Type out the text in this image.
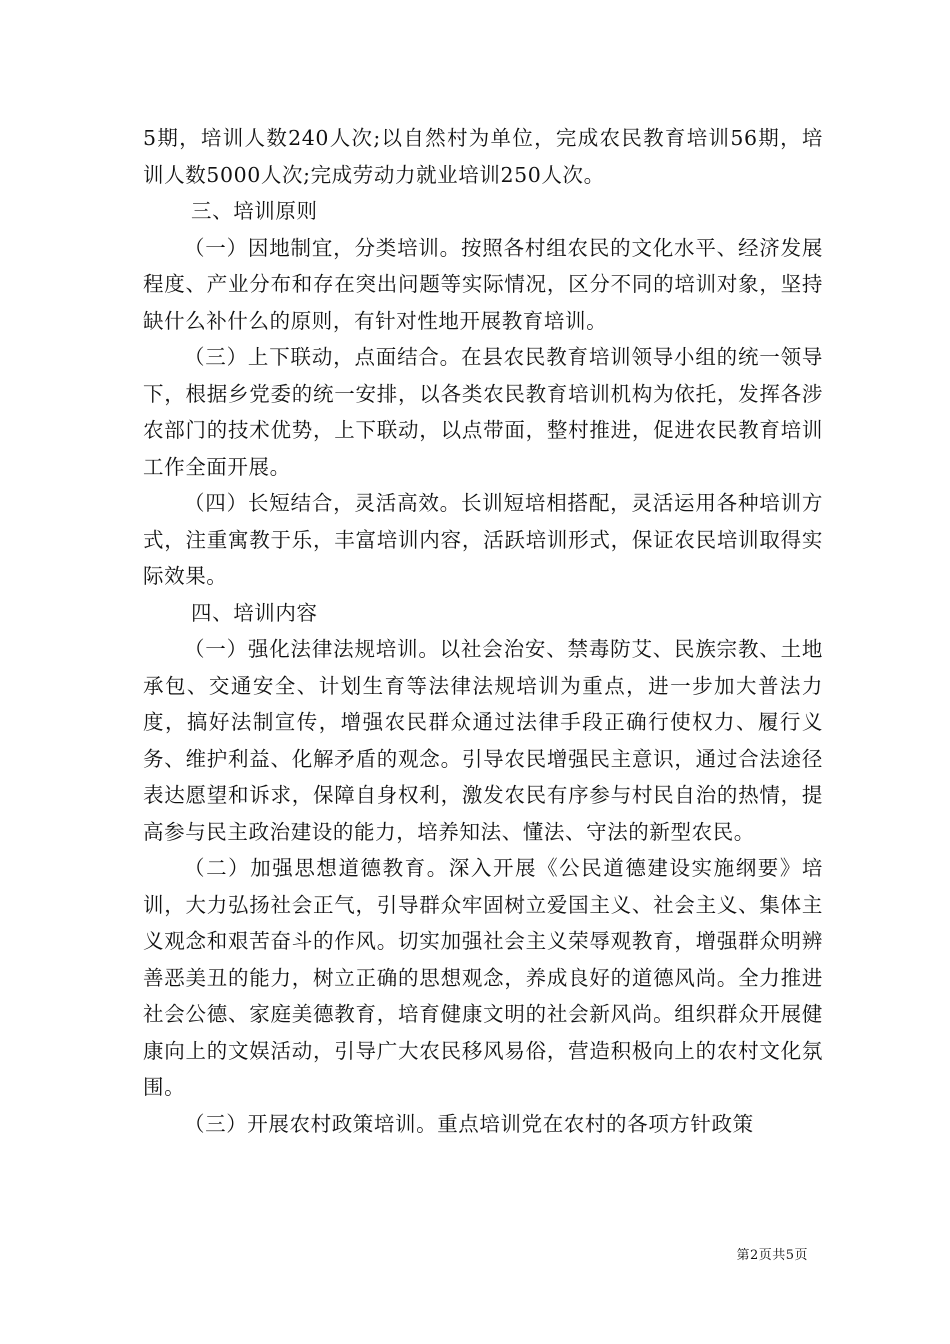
5期，培训人数240人次;以自然村为单位，完成农民教育培训56期，培训人数5000人次;完成劳动力就业培训250人次。

三、培训原则

（一）因地制宜，分类培训。按照各村组农民的文化水平、经济发展程度、产业分布和存在突出问题等实际情况，区分不同的培训对象，坚持缺什么补什么的原则，有针对性地开展教育培训。

（三）上下联动，点面结合。在县农民教育培训领导小组的统一领导下，根据乡党委的统一安排，以各类农民教育培训机构为依托，发挥各涉农部门的技术优势，上下联动，以点带面，整村推进，促进农民教育培训工作全面开展。

（四）长短结合，灵活高效。长训短培相搭配，灵活运用各种培训方式，注重寓教于乐，丰富培训内容，活跃培训形式，保证农民培训取得实际效果。

四、培训内容

（一）强化法律法规培训。以社会治安、禁毒防艾、民族宗教、土地承包、交通安全、计划生育等法律法规培训为重点，进一步加大普法力度，搞好法制宣传，增强农民群众通过法律手段正确行使权力、履行义务、维护利益、化解矛盾的观念。引导农民增强民主意识，通过合法途径表达愿望和诉求，保障自身权利，激发农民有序参与村民自治的热情，提高参与民主政治建设的能力，培养知法、懂法、守法的新型农民。

（二）加强思想道德教育。深入开展《公民道德建设实施纲要》培训，大力弘扬社会正气，引导群众牢固树立爱国主义、社会主义、集体主义观念和艰苦奋斗的作风。切实加强社会主义荣辱观教育，增强群众明辨善恶美丑的能力，树立正确的思想观念，养成良好的道德风尚。全力推进社会公德、家庭美德教育，培育健康文明的社会新风尚。组织群众开展健康向上的文娱活动，引导广大农民移风易俗，营造积极向上的农村文化氛围。

（三）开展农村政策培训。重点培训党在农村的各项方针政策

第2页共5页
